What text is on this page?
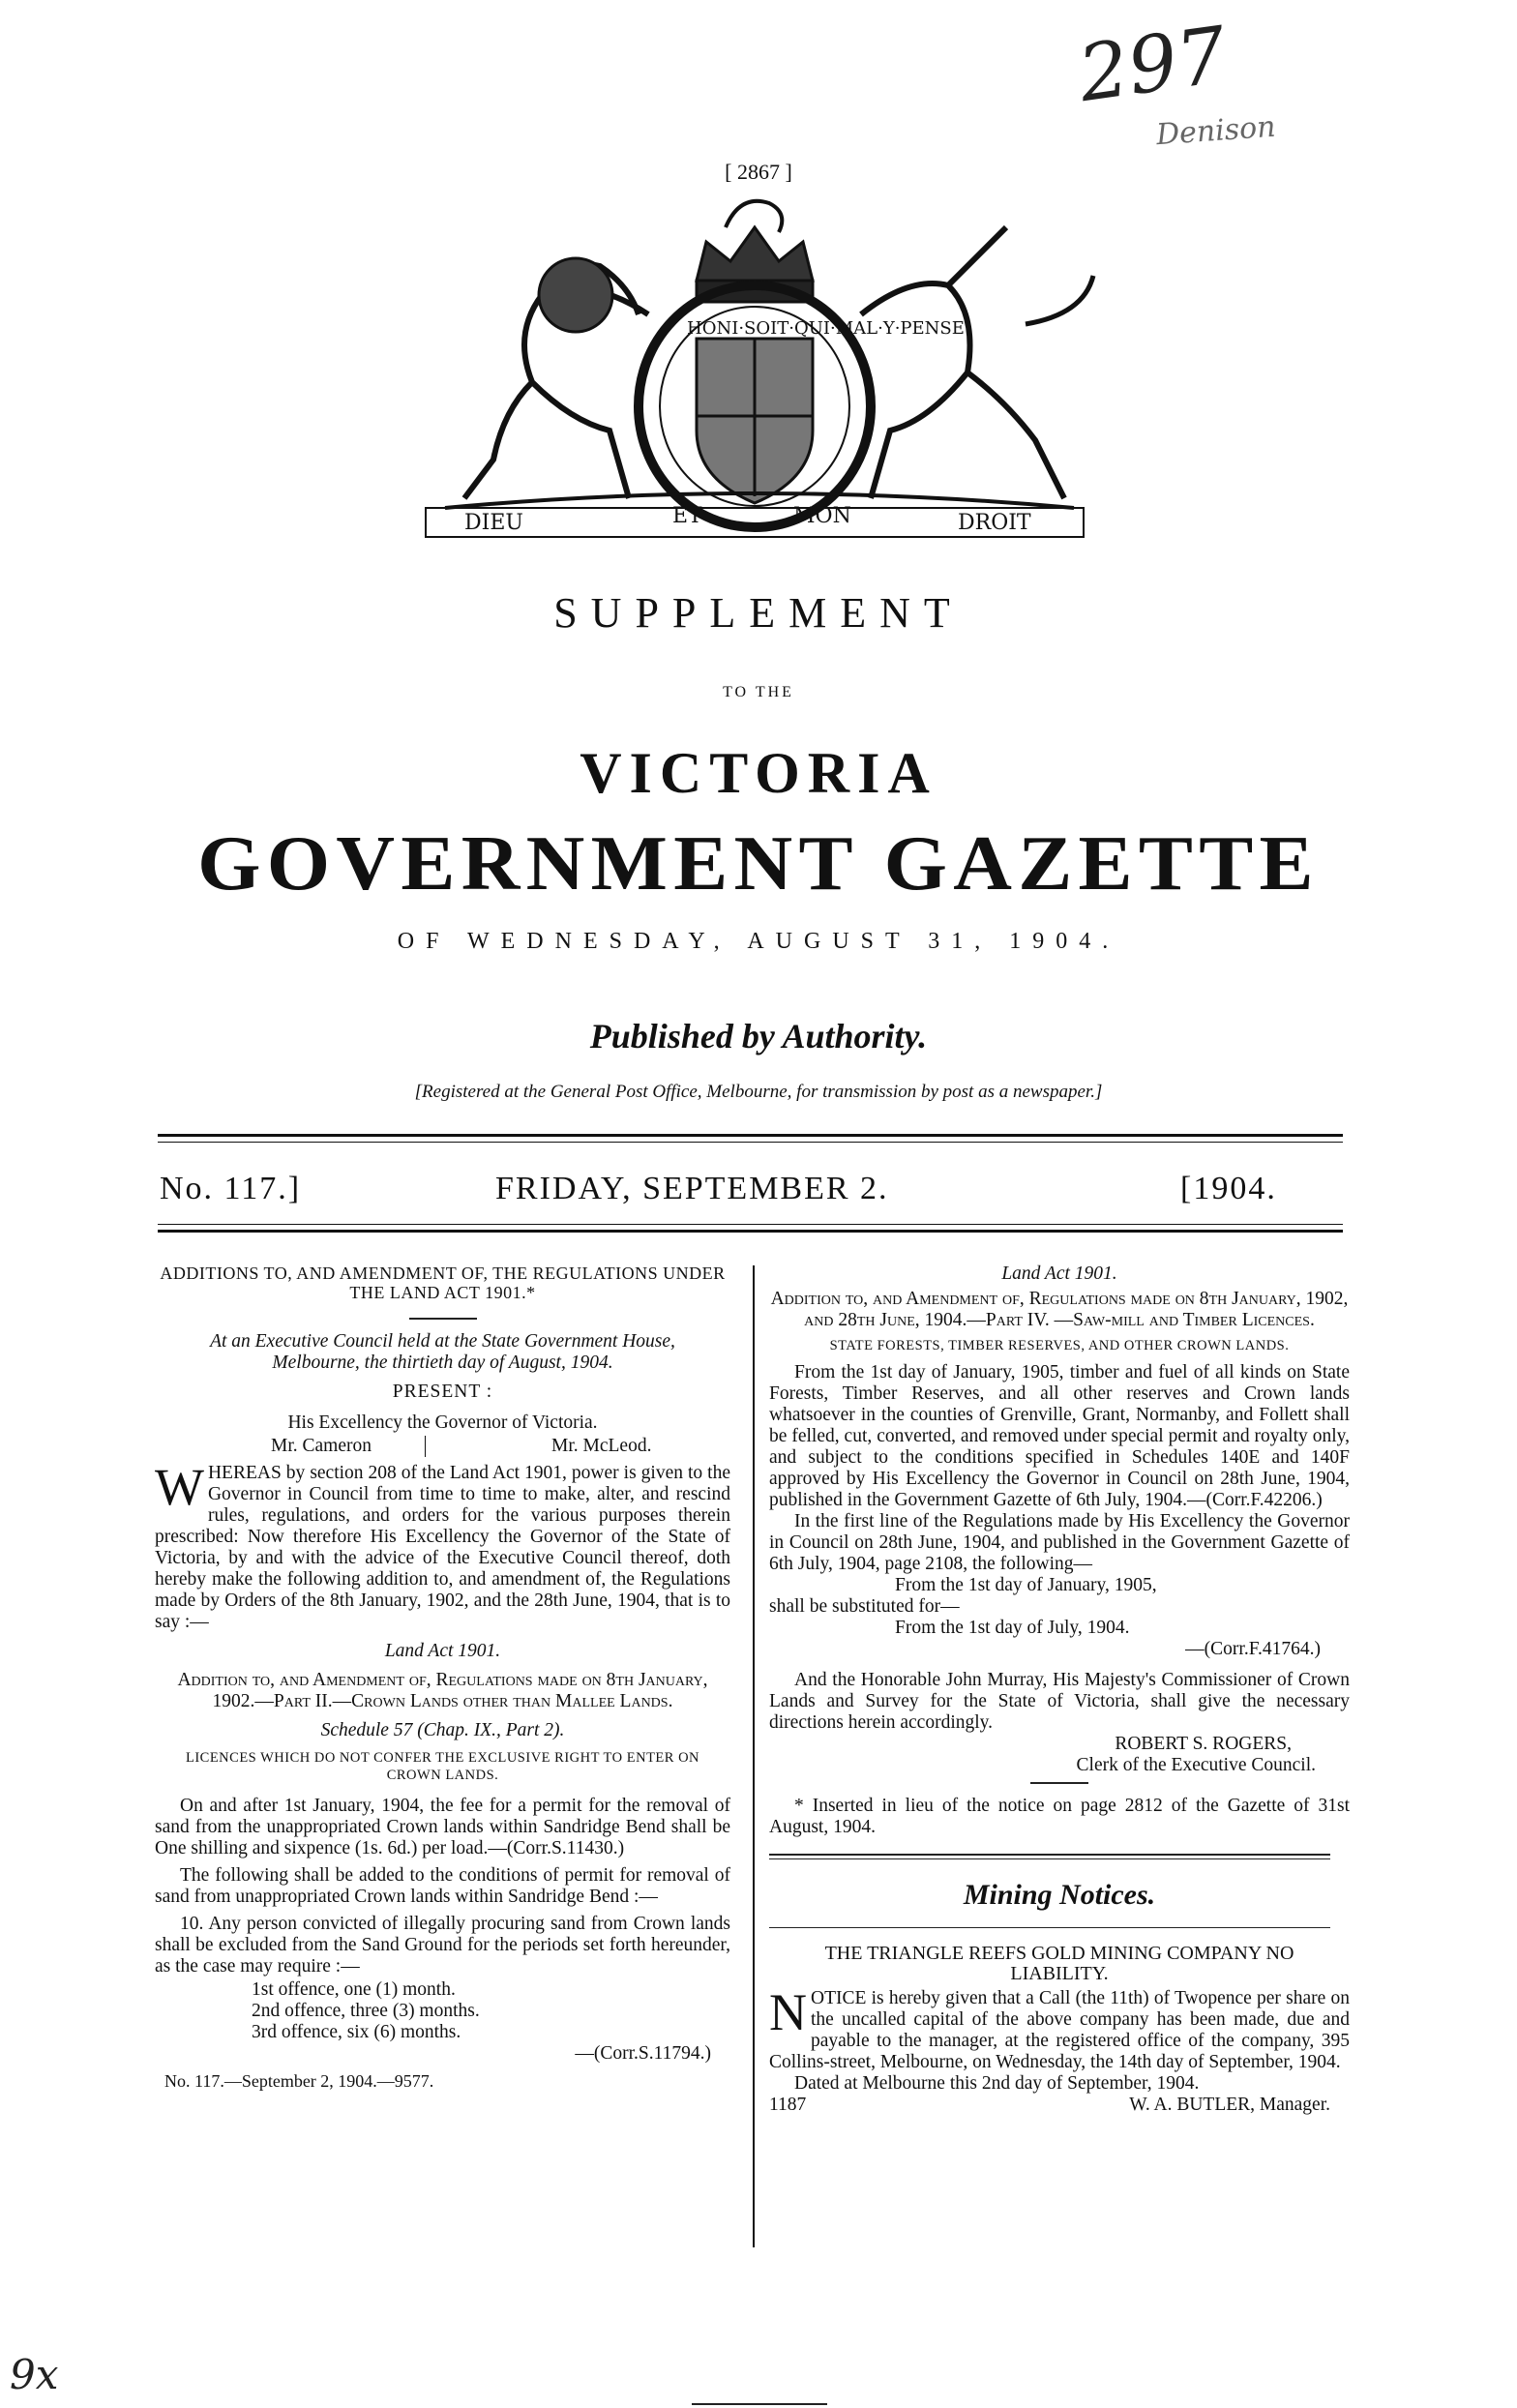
297
Denison
9x
[ 2867 ]
HONI·SOIT·QUI·MAL·Y·PENSE
DIEU	ET	MON	DROIT
SUPPLEMENT
TO THE
VICTORIA
GOVERNMENT GAZETTE
OF WEDNESDAY, AUGUST 31, 1904.
Published by Authority.
[Registered at the General Post Office, Melbourne, for transmission by post as a newspaper.]
No. 117.]	FRIDAY, SEPTEMBER 2.	[1904.

ADDITIONS TO, AND AMENDMENT OF, THE REGULATIONS UNDER THE LAND ACT 1901.*

At an Executive Council held at the State Government House, Melbourne, the thirtieth day of August, 1904.

PRESENT :

His Excellency the Governor of Victoria.

Mr. Cameron	Mr. McLeod.

WHEREAS by section 208 of the Land Act 1901, power is given to the Governor in Council from time to time to make, alter, and rescind rules, regulations, and orders for the various purposes therein prescribed: Now therefore His Excellency the Governor of the State of Victoria, by and with the advice of the Executive Council thereof, doth hereby make the following addition to, and amendment of, the Regulations made by Orders of the 8th January, 1902, and the 28th June, 1904, that is to say :—

Land Act 1901.

Addition to, and Amendment of, Regulations made on 8th January, 1902.—Part II.—Crown Lands other than Mallee Lands.

Schedule 57 (Chap. IX., Part 2).

LICENCES WHICH DO NOT CONFER THE EXCLUSIVE RIGHT TO ENTER ON CROWN LANDS.

On and after 1st January, 1904, the fee for a permit for the removal of sand from the unappropriated Crown lands within Sandridge Bend shall be One shilling and sixpence (1s. 6d.) per load.—(Corr.S.11430.)

The following shall be added to the conditions of permit for removal of sand from unappropriated Crown lands within Sandridge Bend :—

10. Any person convicted of illegally procuring sand from Crown lands shall be excluded from the Sand Ground for the periods set forth hereunder, as the case may require :—

1st offence, one (1) month.

2nd offence, three (3) months.

3rd offence, six (6) months.

—(Corr.S.11794.)

No. 117.—September 2, 1904.—9577.

Land Act 1901.

Addition to, and Amendment of, Regulations made on 8th January, 1902, and 28th June, 1904.—Part IV. —Saw-mill and Timber Licences.

STATE FORESTS, TIMBER RESERVES, AND OTHER CROWN LANDS.

From the 1st day of January, 1905, timber and fuel of all kinds on State Forests, Timber Reserves, and all other reserves and Crown lands whatsoever in the counties of Grenville, Grant, Normanby, and Follett shall be felled, cut, converted, and removed under special permit and royalty only, and subject to the conditions specified in Schedules 140E and 140F approved by His Excellency the Governor in Council on 28th June, 1904, published in the Government Gazette of 6th July, 1904.—(Corr.F.42206.)

In the first line of the Regulations made by His Excellency the Governor in Council on 28th June, 1904, and published in the Government Gazette of 6th July, 1904, page 2108, the following—

From the 1st day of January, 1905,

shall be substituted for—

From the 1st day of July, 1904.

—(Corr.F.41764.)

And the Honorable John Murray, His Majesty's Commissioner of Crown Lands and Survey for the State of Victoria, shall give the necessary directions herein accordingly.

ROBERT S. ROGERS,

Clerk of the Executive Council.

* Inserted in lieu of the notice on page 2812 of the Gazette of 31st August, 1904.

Mining Notices.

THE TRIANGLE REEFS GOLD MINING COMPANY NO LIABILITY.

NOTICE is hereby given that a Call (the 11th) of Twopence per share on the uncalled capital of the above company has been made, due and payable to the manager, at the registered office of the company, 395 Collins-street, Melbourne, on Wednesday, the 14th day of September, 1904.

Dated at Melbourne this 2nd day of September, 1904.

1187	W. A. BUTLER, Manager.
